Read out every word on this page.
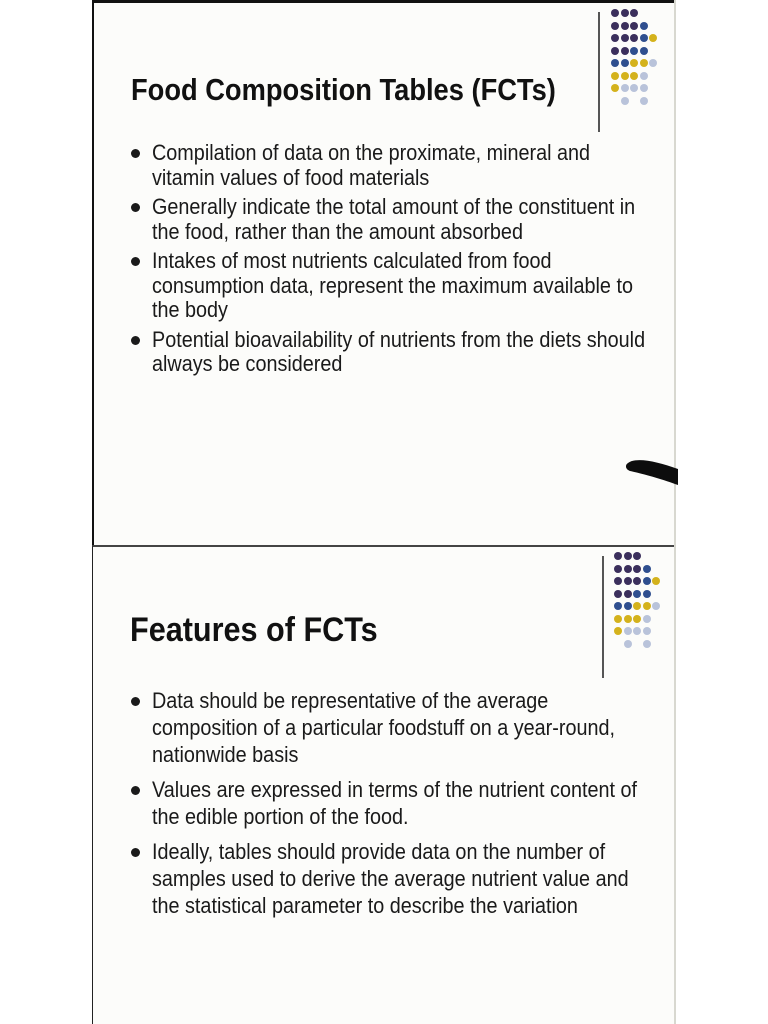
Food Composition Tables (FCTs)
Compilation of data on the proximate, mineral and vitamin values of food materials
Generally indicate the total amount of the constituent in the food, rather than the amount absorbed
Intakes of most nutrients calculated from food consumption data, represent the maximum available to the body
Potential bioavailability of nutrients from the diets should always be considered
Features of FCTs
Data should be representative of the average composition of a particular foodstuff on a year-round, nationwide basis
Values are expressed in terms of the nutrient content of the edible portion of the food.
Ideally, tables should provide data on the number of samples used to derive the average nutrient value and the statistical parameter to describe the variation
